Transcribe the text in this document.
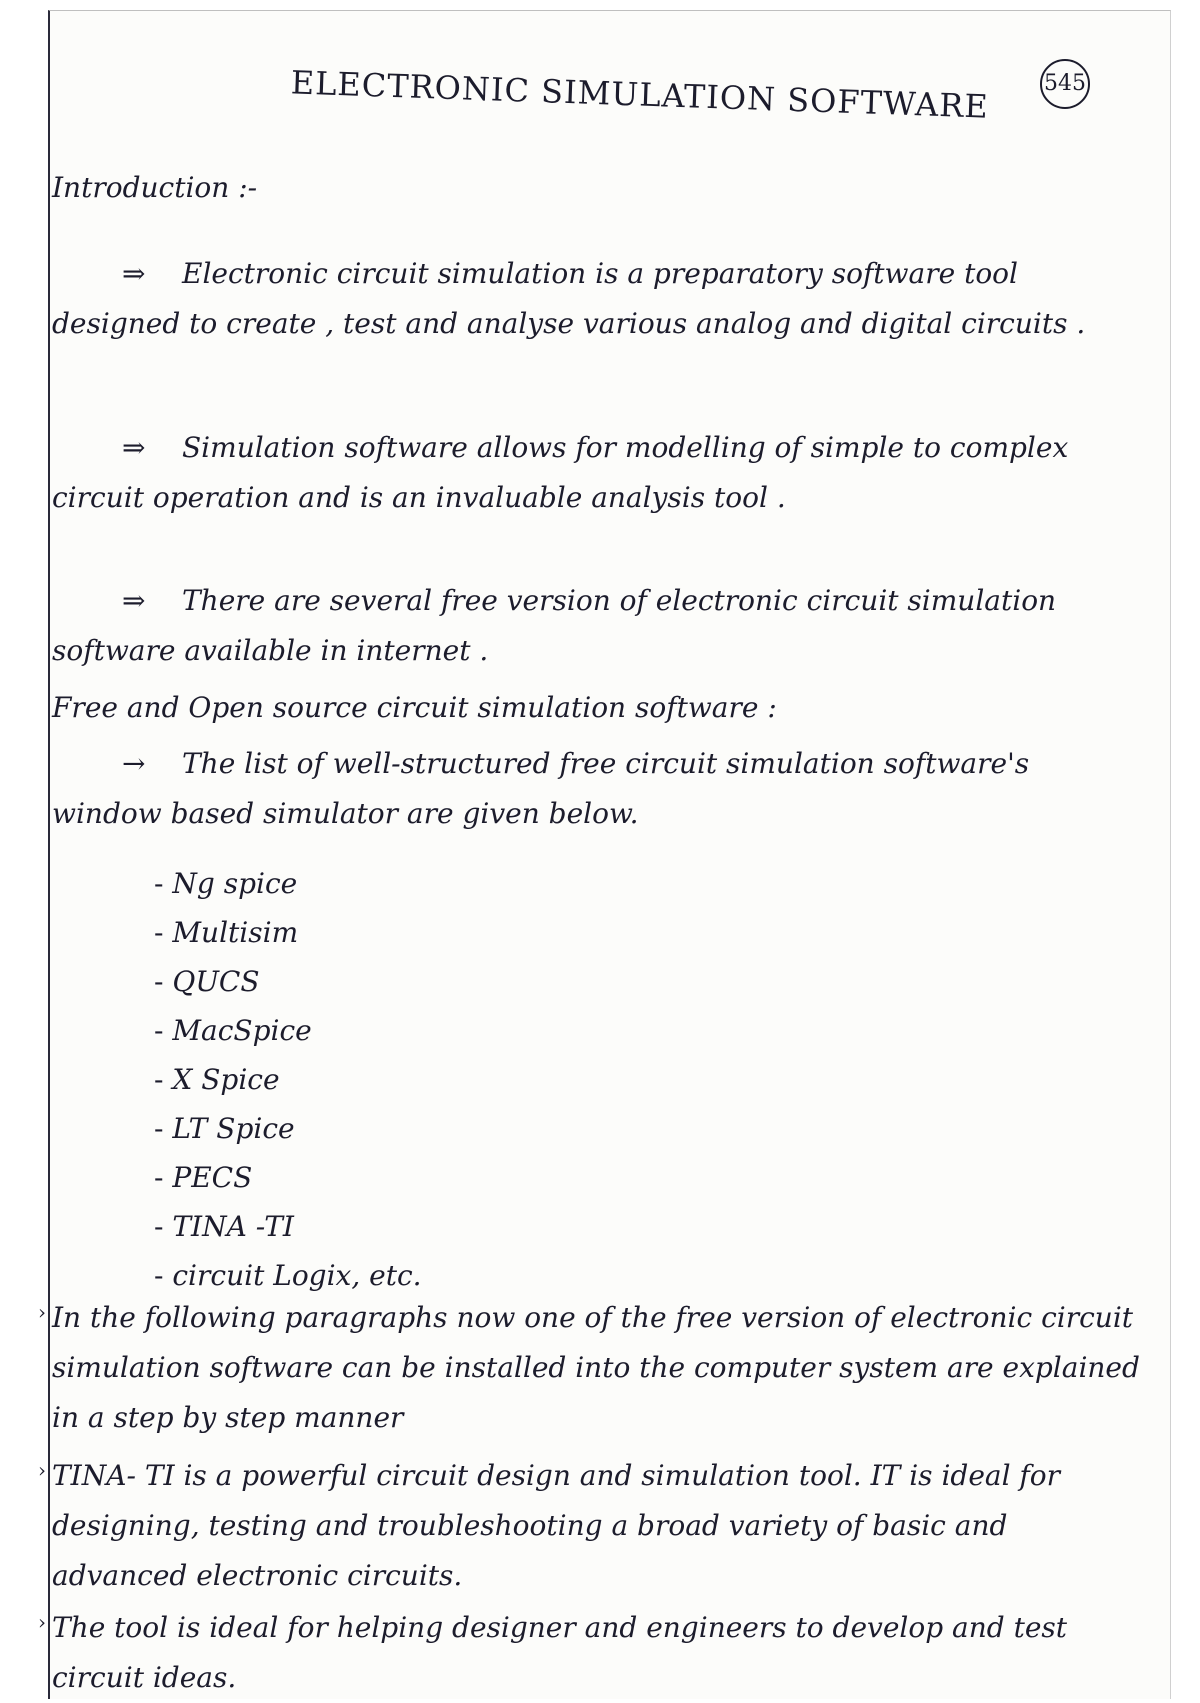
545
ELECTRONIC SIMULATION SOFTWARE
Introduction :-
⇒ Electronic circuit simulation is a preparatory software tool designed to create , test and analyse various analog and digital circuits .
⇒ Simulation software allows for modelling of simple to complex circuit operation and is an invaluable analysis tool .
⇒ There are several free version of electronic circuit simulation software available in internet .
Free and Open source circuit simulation software :
→ The list of well-structured free circuit simulation software's window based simulator are given below.
- Ng spice
- Multisim
- QUCS
- MacSpice
- X Spice
- LT Spice
- PECS
- TINA -TI
- circuit Logix, etc.
› In the following paragraphs now one of the free version of electronic circuit simulation software can be installed into the computer system are explained in a step by step manner
› TINA- TI is a powerful circuit design and simulation tool. IT is ideal for designing, testing and troubleshooting a broad variety of basic and advanced electronic circuits.
› The tool is ideal for helping designer and engineers to develop and test circuit ideas.
